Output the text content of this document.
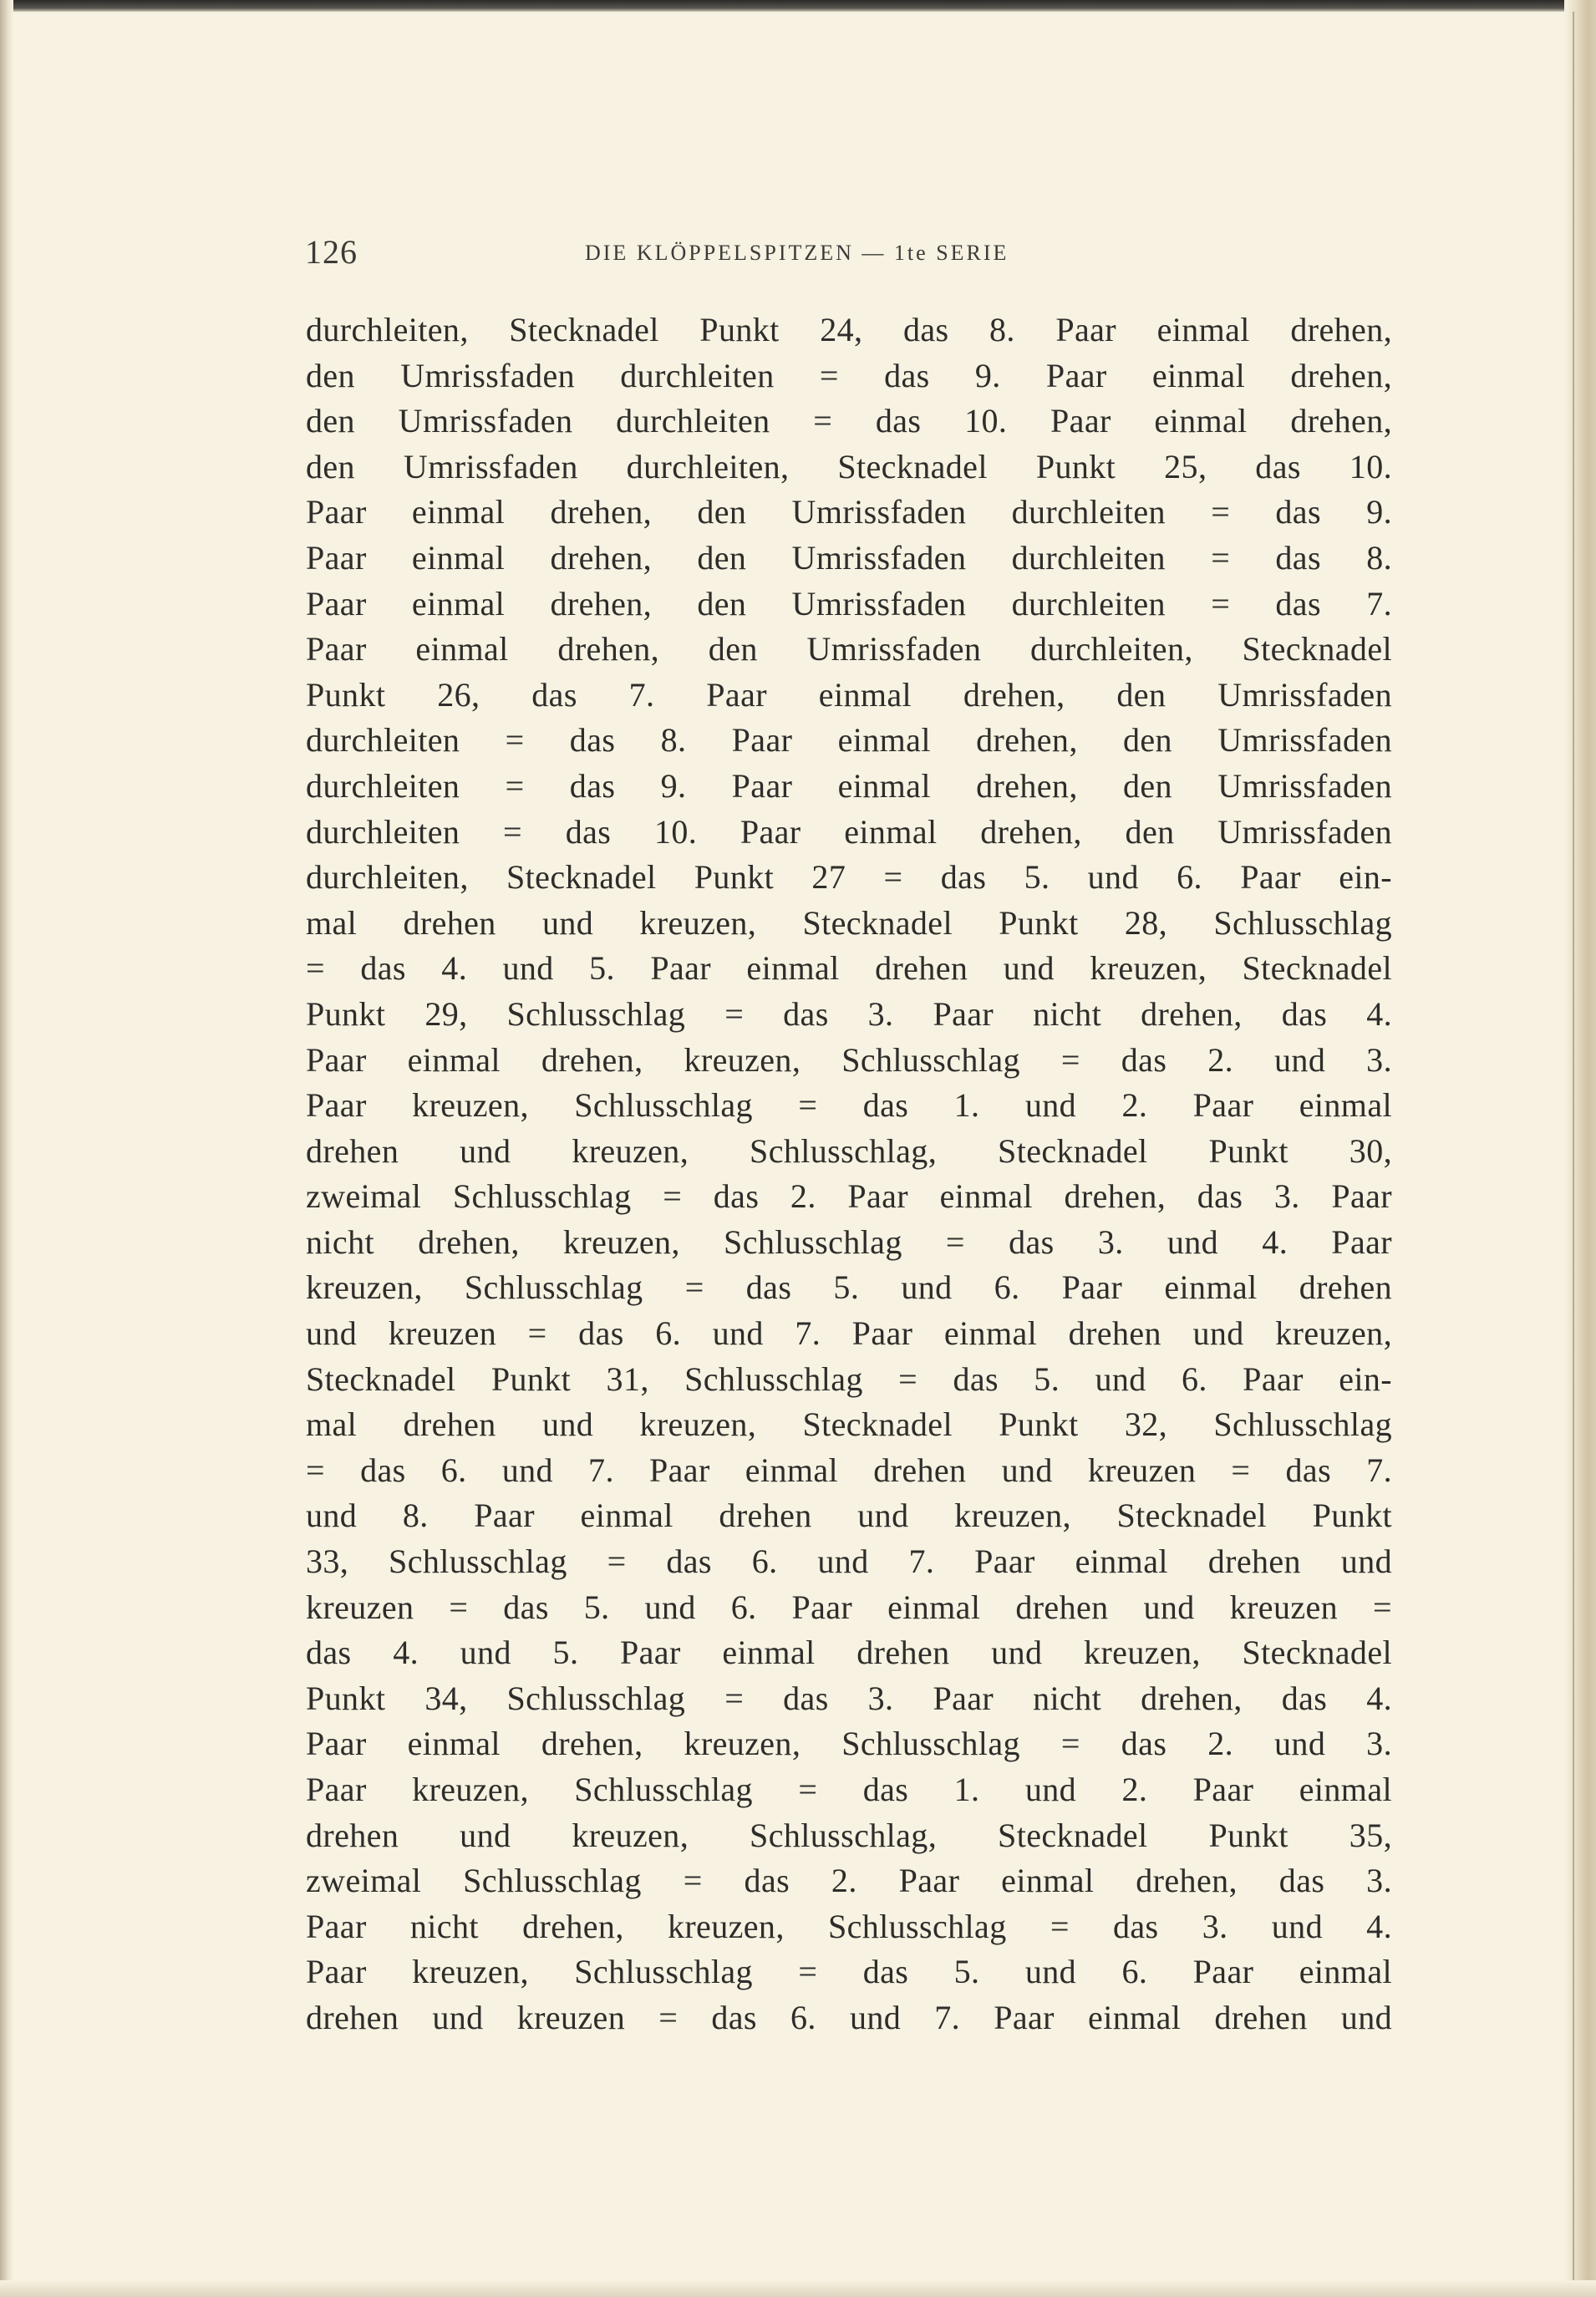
126	DIE KLÖPPELSPITZEN — 1te SERIE
durchleiten, Stecknadel Punkt 24, das 8. Paar einmal drehen,
den Umrissfaden durchleiten = das 9. Paar einmal drehen,
den Umrissfaden durchleiten = das 10. Paar einmal drehen,
den Umrissfaden durchleiten, Stecknadel Punkt 25, das 10.
Paar einmal drehen, den Umrissfaden durchleiten = das 9.
Paar einmal drehen, den Umrissfaden durchleiten = das 8.
Paar einmal drehen, den Umrissfaden durchleiten = das 7.
Paar einmal drehen, den Umrissfaden durchleiten, Stecknadel
Punkt 26, das 7. Paar einmal drehen, den Umrissfaden
durchleiten = das 8. Paar einmal drehen, den Umrissfaden
durchleiten = das 9. Paar einmal drehen, den Umrissfaden
durchleiten = das 10. Paar einmal drehen, den Umrissfaden
durchleiten, Stecknadel Punkt 27 = das 5. und 6. Paar ein-
mal drehen und kreuzen, Stecknadel Punkt 28, Schlusschlag
= das 4. und 5. Paar einmal drehen und kreuzen, Stecknadel
Punkt 29, Schlusschlag = das 3. Paar nicht drehen, das 4.
Paar einmal drehen, kreuzen, Schlusschlag = das 2. und 3.
Paar kreuzen, Schlusschlag = das 1. und 2. Paar einmal
drehen und kreuzen, Schlusschlag, Stecknadel Punkt 30,
zweimal Schlusschlag = das 2. Paar einmal drehen, das 3. Paar
nicht drehen, kreuzen, Schlusschlag = das 3. und 4. Paar
kreuzen, Schlusschlag = das 5. und 6. Paar einmal drehen
und kreuzen = das 6. und 7. Paar einmal drehen und kreuzen,
Stecknadel Punkt 31, Schlusschlag = das 5. und 6. Paar ein-
mal drehen und kreuzen, Stecknadel Punkt 32, Schlusschlag
= das 6. und 7. Paar einmal drehen und kreuzen = das 7.
und 8. Paar einmal drehen und kreuzen, Stecknadel Punkt
33, Schlusschlag = das 6. und 7. Paar einmal drehen und
kreuzen = das 5. und 6. Paar einmal drehen und kreuzen =
das 4. und 5. Paar einmal drehen und kreuzen, Stecknadel
Punkt 34, Schlusschlag = das 3. Paar nicht drehen, das 4.
Paar einmal drehen, kreuzen, Schlusschlag = das 2. und 3.
Paar kreuzen, Schlusschlag = das 1. und 2. Paar einmal
drehen und kreuzen, Schlusschlag, Stecknadel Punkt 35,
zweimal Schlusschlag = das 2. Paar einmal drehen, das 3.
Paar nicht drehen, kreuzen, Schlusschlag = das 3. und 4.
Paar kreuzen, Schlusschlag = das 5. und 6. Paar einmal
drehen und kreuzen = das 6. und 7. Paar einmal drehen und
